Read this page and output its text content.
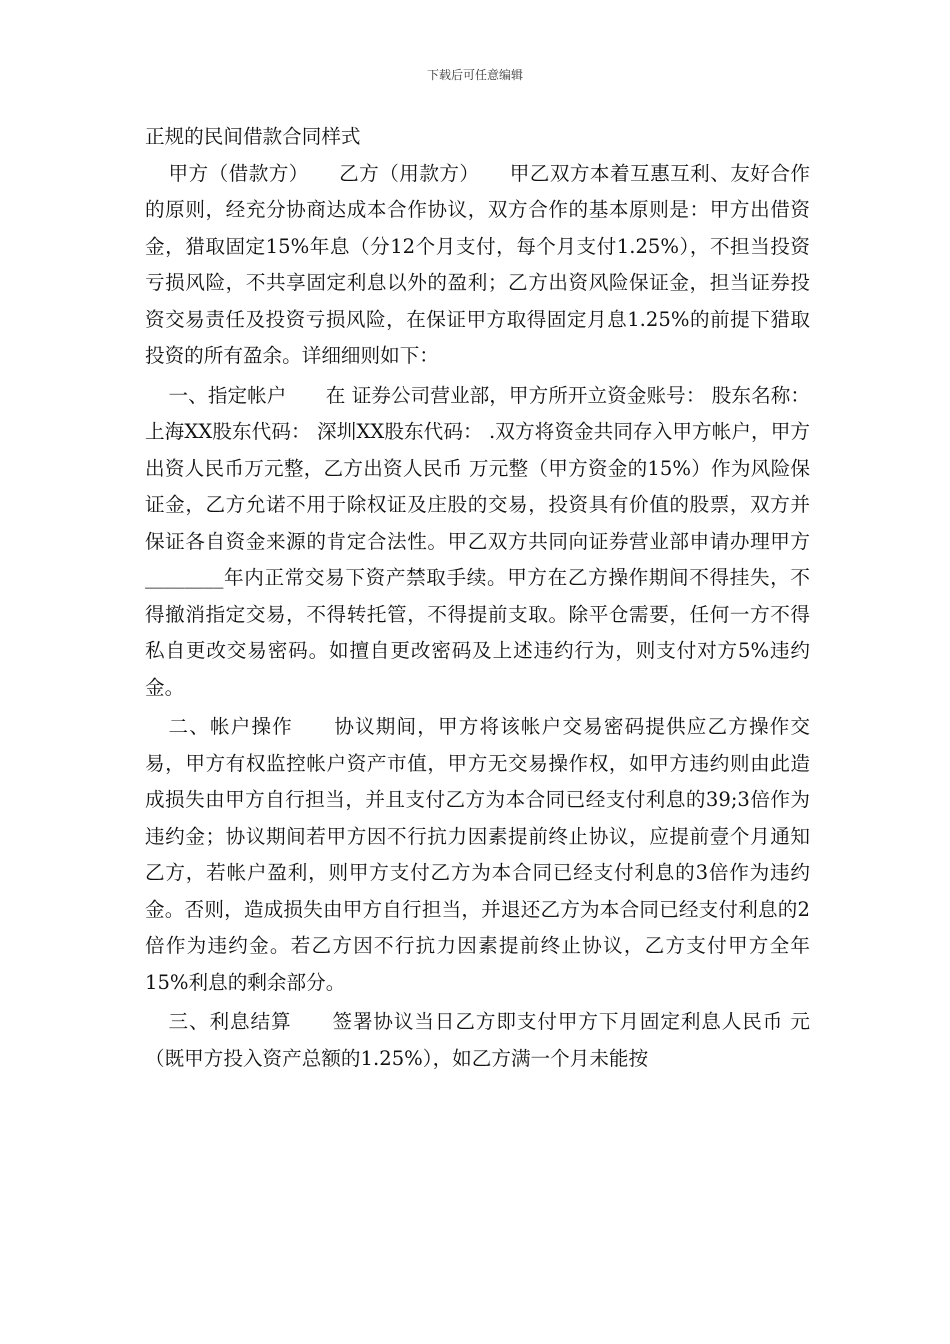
下载后可任意编辑

正规的民间借款合同样式

甲方（借款方）　　乙方（用款方）　　甲乙双方本着互惠互利、友好合作的原则，经充分协商达成本合作协议，双方合作的基本原则是：甲方出借资金，猎取固定15%年息（分12个月支付，每个月支付1.25%），不担当投资亏损风险，不共享固定利息以外的盈利；乙方出资风险保证金，担当证券投资交易责任及投资亏损风险，在保证甲方取得固定月息1.25%的前提下猎取投资的所有盈余。详细细则如下：

一、指定帐户　　在 证券公司营业部，甲方所开立资金账号： 股东名称： 上海XX股东代码： 深圳XX股东代码： .双方将资金共同存入甲方帐户，甲方出资人民币万元整，乙方出资人民币 万元整（甲方资金的15%）作为风险保证金，乙方允诺不用于除权证及庄股的交易，投资具有价值的股票，双方并保证各自资金来源的肯定合法性。甲乙双方共同向证券营业部申请办理甲方________年内正常交易下资产禁取手续。甲方在乙方操作期间不得挂失，不得撤消指定交易，不得转托管，不得提前支取。除平仓需要，任何一方不得私自更改交易密码。如擅自更改密码及上述违约行为，则支付对方5%违约金。

二、帐户操作　　协议期间，甲方将该帐户交易密码提供应乙方操作交易，甲方有权监控帐户资产市值，甲方无交易操作权，如甲方违约则由此造成损失由甲方自行担当，并且支付乙方为本合同已经支付利息的39;3倍作为违约金；协议期间若甲方因不行抗力因素提前终止协议，应提前壹个月通知乙方，若帐户盈利，则甲方支付乙方为本合同已经支付利息的3倍作为违约金。否则，造成损失由甲方自行担当，并退还乙方为本合同已经支付利息的2倍作为违约金。若乙方因不行抗力因素提前终止协议，乙方支付甲方全年15%利息的剩余部分。

三、利息结算　　签署协议当日乙方即支付甲方下月固定利息人民币 元（既甲方投入资产总额的1.25%），如乙方满一个月未能按
